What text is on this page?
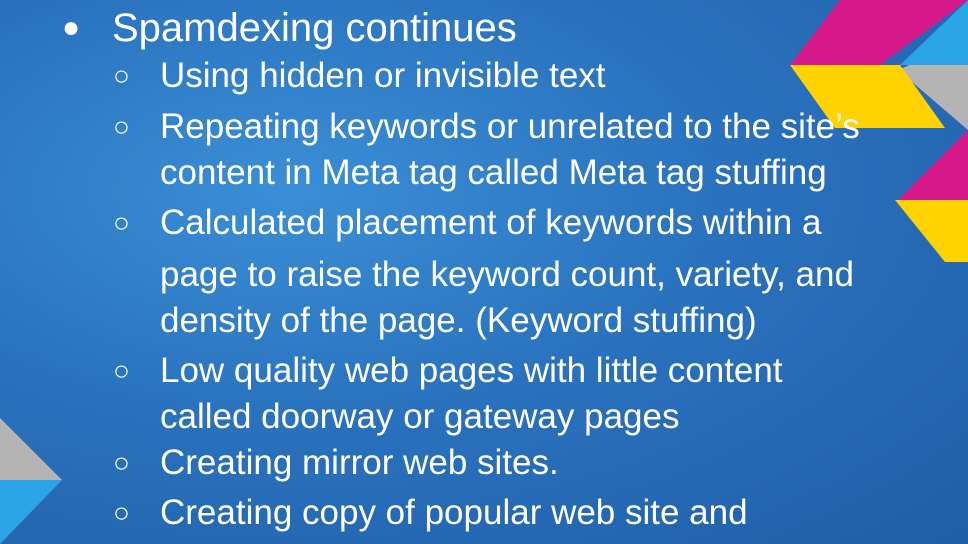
● Spamdexing continues
○ Using hidden or invisible text
○ Repeating keywords or unrelated to the site’s
content in Meta tag called Meta tag stuffing
○ Calculated placement of keywords within a
page to raise the keyword count, variety, and
density of the page. (Keyword stuffing)
○ Low quality web pages with little content
called doorway or gateway pages
○ Creating mirror web sites.
○ Creating copy of popular web site and
